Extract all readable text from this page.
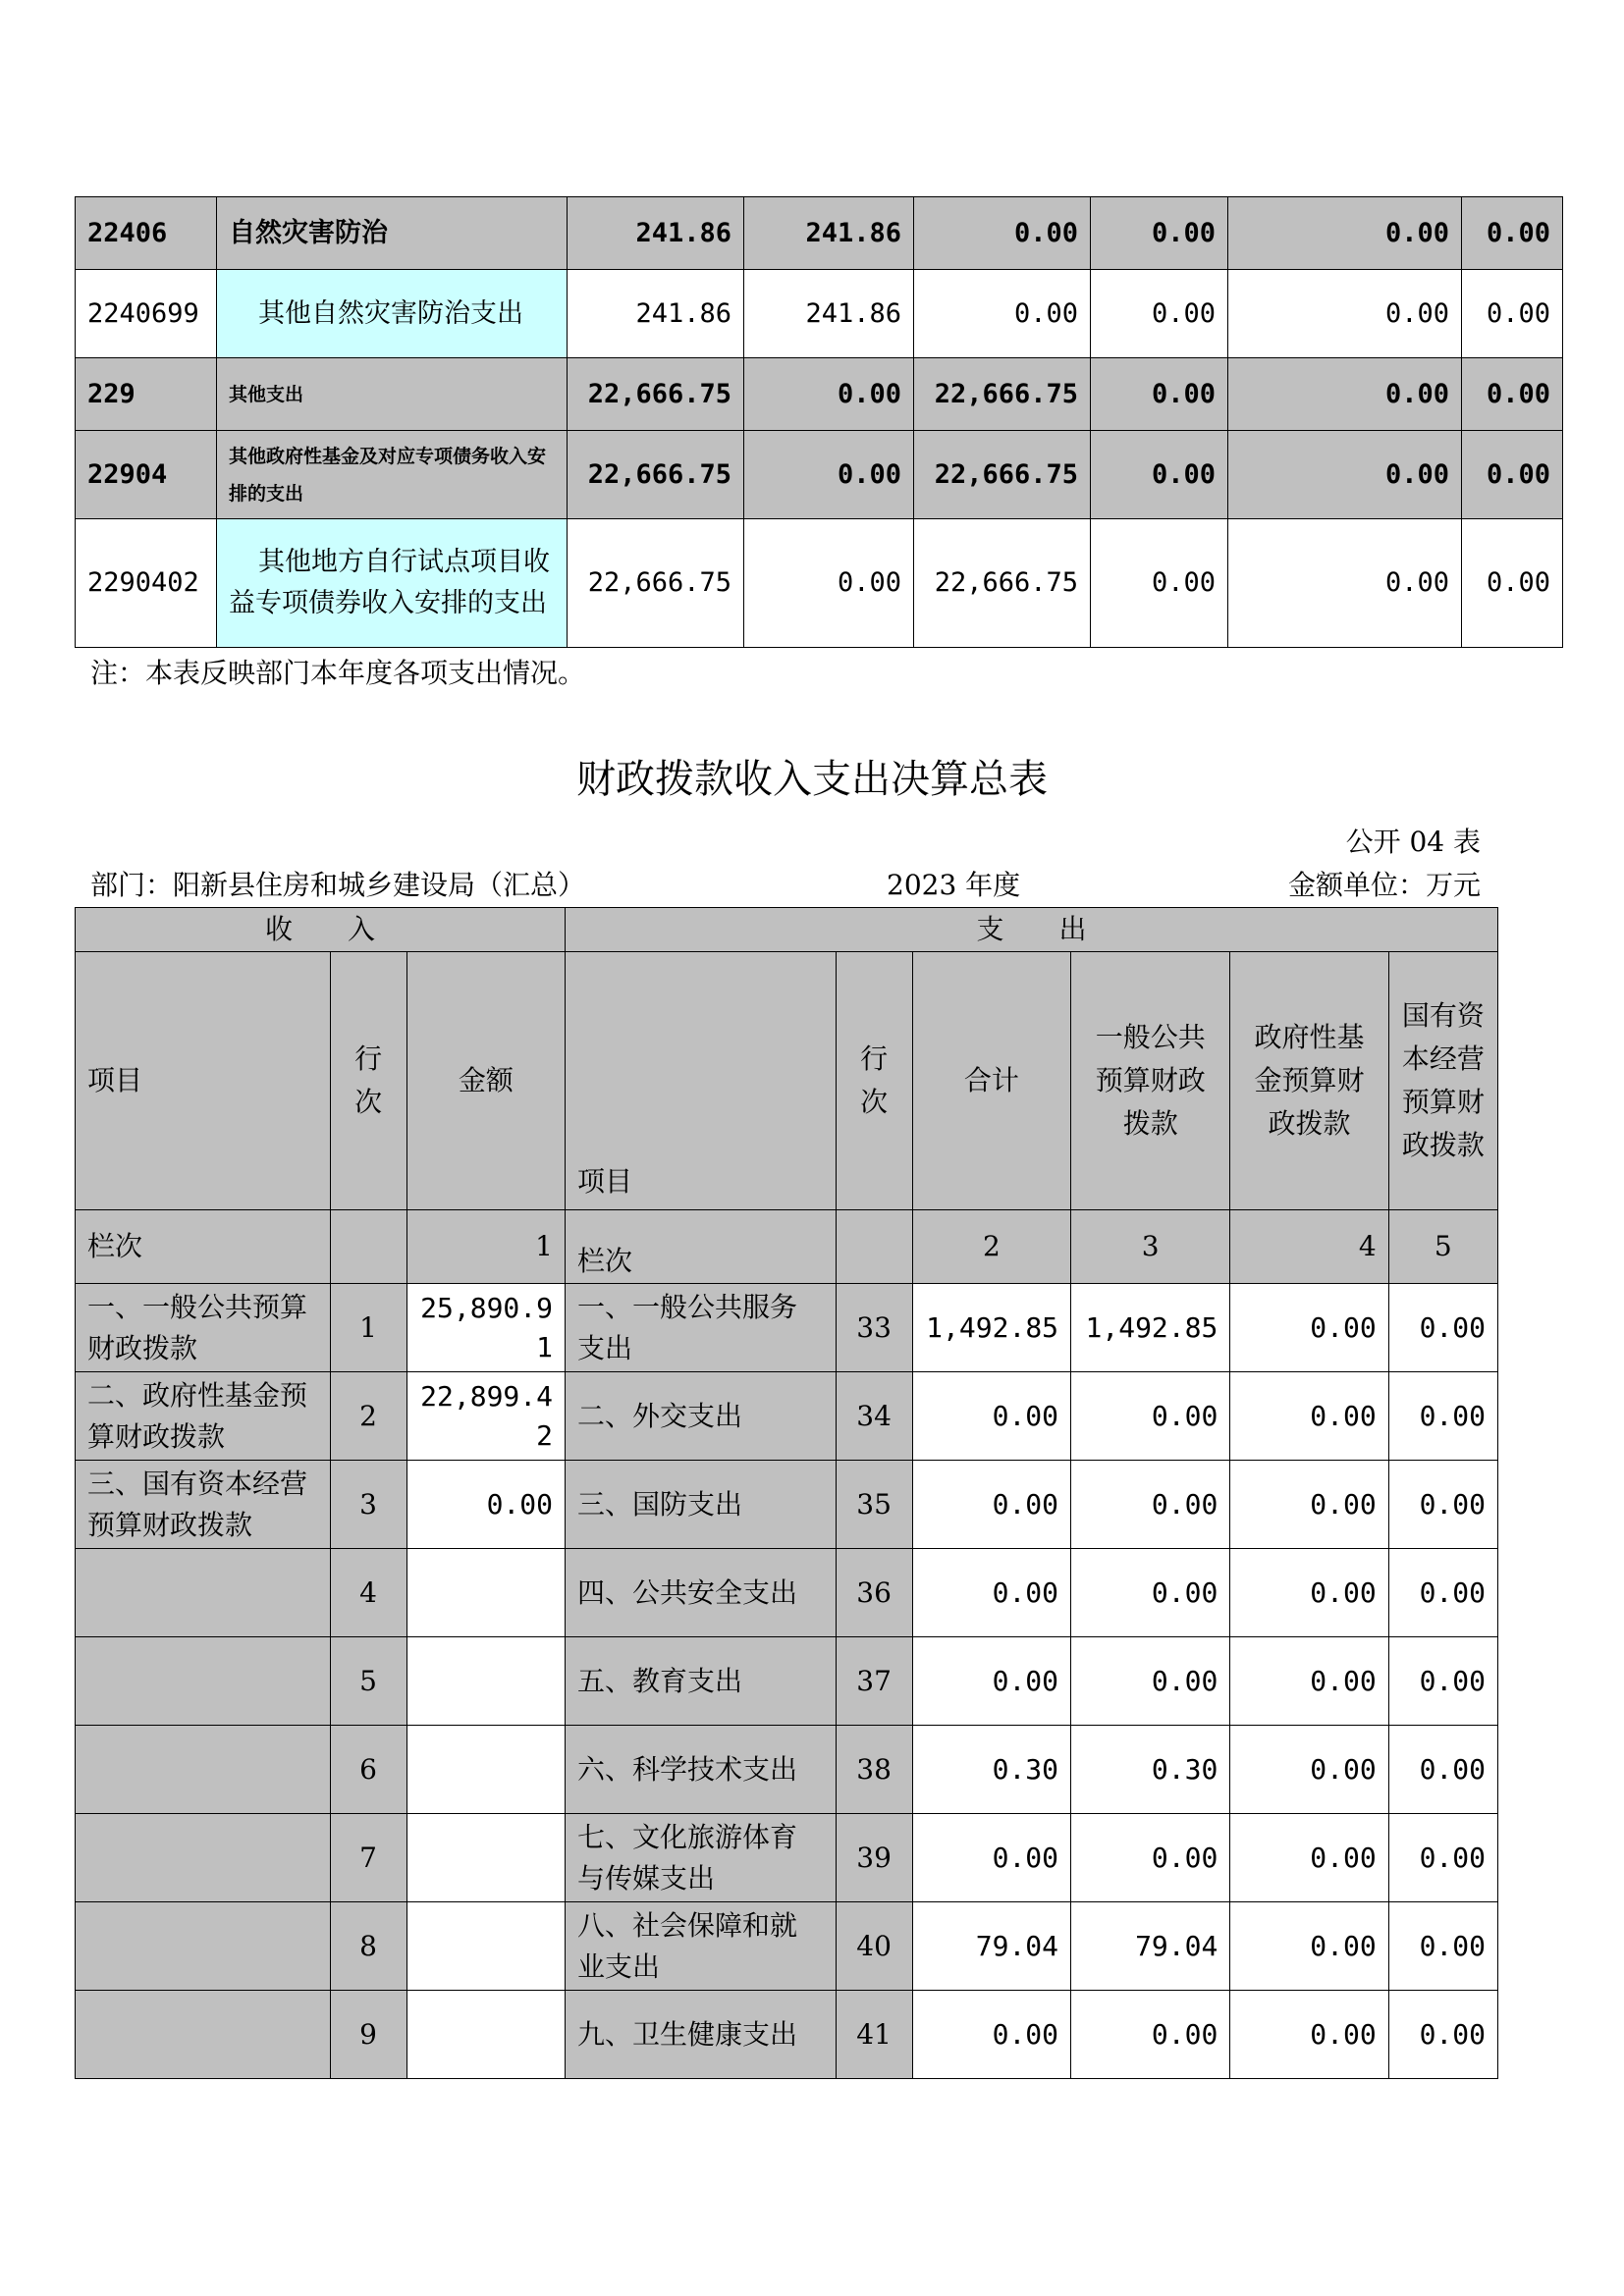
22406	自然灾害防治	241.86	241.86	0.00	0.00	0.00	0.00
2240699	其他自然灾害防治支出	241.86	241.86	0.00	0.00	0.00	0.00
229	其他支出	22,666.75	0.00	22,666.75	0.00	0.00	0.00
22904	其他政府性基金及对应专项债务收入安排的支出	22,666.75	0.00	22,666.75	0.00	0.00	0.00
2290402	其他地方自行试点项目收益专项债券收入安排的支出	22,666.75	0.00	22,666.75	0.00	0.00	0.00
注：本表反映部门本年度各项支出情况。
财政拨款收入支出决算总表
公开 04 表
部门：阳新县住房和城乡建设局（汇总）	2023 年度	金额单位：万元
收　　入			支　　出					
项目	行次	金额	项目	行次	合计	一般公共预算财政拨款	政府性基金预算财政拨款	国有资本经营预算财政拨款
栏次		1	栏次		2	3	4	5
一、一般公共预算财政拨款	1	25,890.91	一、一般公共服务支出	33	1,492.85	1,492.85	0.00	0.00
二、政府性基金预算财政拨款	2	22,899.42	二、外交支出	34	0.00	0.00	0.00	0.00
三、国有资本经营预算财政拨款	3	0.00	三、国防支出	35	0.00	0.00	0.00	0.00
	4		四、公共安全支出	36	0.00	0.00	0.00	0.00
	5		五、教育支出	37	0.00	0.00	0.00	0.00
	6		六、科学技术支出	38	0.30	0.30	0.00	0.00
	7		七、文化旅游体育与传媒支出	39	0.00	0.00	0.00	0.00
	8		八、社会保障和就业支出	40	79.04	79.04	0.00	0.00
	9		九、卫生健康支出	41	0.00	0.00	0.00	0.00
